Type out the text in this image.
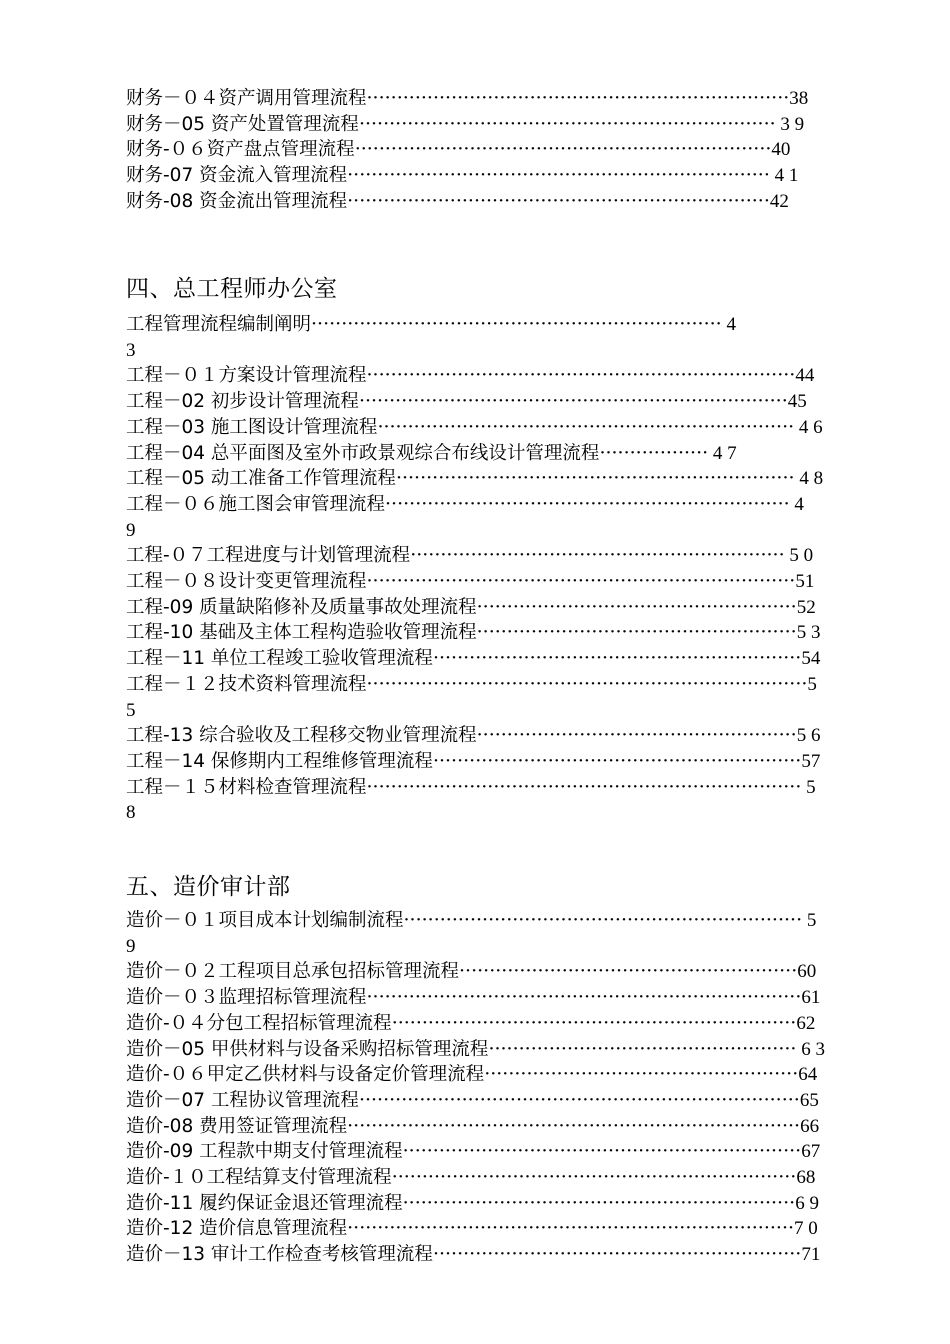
财务－０４资产调用管理流程······································································38

财务－05 资产处置管理流程····································································· 3 9

财务-０６资产盘点管理流程·····································································40

财务-07 资金流入管理流程······································································ 4 1

财务-08 资金流出管理流程······································································42

四、总工程师办公室

工程管理流程编制阐明···································································· 4
3

工程－０１方案设计管理流程·······································································44

工程－02 初步设计管理流程·······································································45

工程－03 施工图设计管理流程····································································· 4 6

工程－04 总平面图及室外市政景观综合布线设计管理流程·················· 4 7

工程－05 动工准备工作管理流程·································································· 4 8

工程－０６施工图会审管理流程··································································· 4
9

工程-０７工程进度与计划管理流程······························································ 5 0

工程－０８设计变更管理流程·······································································51

工程-09 质量缺陷修补及质量事故处理流程·····················································52

工程-10 基础及主体工程构造验收管理流程·····················································5 3

工程－11 单位工程竣工验收管理流程·····························································54

工程－１２技术资料管理流程·········································································5
5

工程-13 综合验收及工程移交物业管理流程·····················································5 6

工程－14 保修期内工程维修管理流程·····························································57

工程－１５材料检查管理流程········································································ 5
8

五、造价审计部

造价－０１项目成本计划编制流程·································································· 5
9

造价－０２工程项目总承包招标管理流程························································60

造价－０３监理招标管理流程········································································61

造价-０４分包工程招标管理流程···································································62

造价－05 甲供材料与设备采购招标管理流程··················································· 6 3

造价-０６甲定乙供材料与设备定价管理流程····················································64

造价－07 工程协议管理流程·········································································65

造价-08 费用签证管理流程···········································································66

造价-09 工程款中期支付管理流程··································································67

造价-１０工程结算支付管理流程···································································68

造价-11 履约保证金退还管理流程·································································6 9

造价-12 造价信息管理流程··········································································7 0

造价－13 审计工作检查考核管理流程·····························································71
